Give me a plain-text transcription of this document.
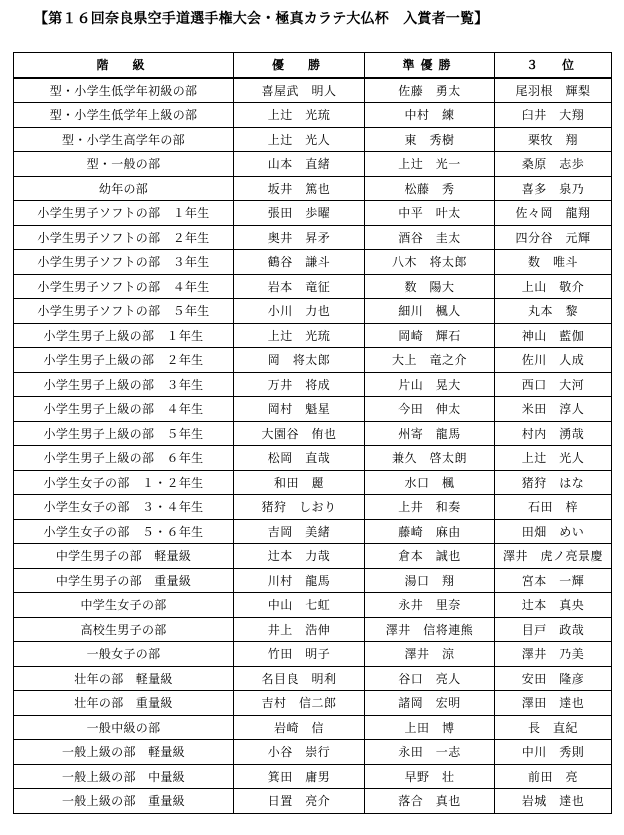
【第１６回奈良県空手道選手権大会・極真カラテ大仏杯　入賞者一覧】
階　級	優　勝	準優勝	３　位
型・小学生低学年初級の部	喜屋武　明人	佐藤　勇太	尾羽根　輝梨
型・小学生低学年上級の部	上辻　光琉	中村　練	臼井　大翔
型・小学生高学年の部	上辻　光人	東　秀樹	栗牧　翔
型・一般の部	山本　直緒	上辻　光一	桑原　志歩
幼年の部	坂井　篤也	松藤　秀	喜多　泉乃
小学生男子ソフトの部　１年生	張田　歩曜	中平　叶太	佐々岡　龍翔
小学生男子ソフトの部　２年生	奥井　昇矛	酒谷　圭太	四分谷　元輝
小学生男子ソフトの部　３年生	鶴谷　謙斗	八木　将太郎	数　唯斗
小学生男子ソフトの部　４年生	岩本　竜征	数　陽大	上山　敬介
小学生男子ソフトの部　５年生	小川　力也	細川　楓人	丸本　黎
小学生男子上級の部　１年生	上辻　光琉	岡崎　輝石	神山　藍伽
小学生男子上級の部　２年生	岡　将太郎	大上　竜之介	佐川　人成
小学生男子上級の部　３年生	万井　将成	片山　晃大	西口　大河
小学生男子上級の部　４年生	岡村　魁星	今田　伸太	米田　淳人
小学生男子上級の部　５年生	大園谷　侑也	州寄　龍馬	村内　湧哉
小学生男子上級の部　６年生	松岡　直哉	兼久　啓太朗	上辻　光人
小学生女子の部　１・２年生	和田　麗	水口　楓	猪狩　はな
小学生女子の部　３・４年生	猪狩　しおり	上井　和奏	石田　梓
小学生女子の部　５・６年生	吉岡　美緒	藤崎　麻由	田畑　めい
中学生男子の部　軽量級	辻本　力哉	倉本　誠也	澤井　虎ノ亮景慶
中学生男子の部　重量級	川村　龍馬	湯口　翔	宮本　一輝
中学生女子の部	中山　七虹	永井　里奈	辻本　真央
高校生男子の部	井上　浩伸	澤井　信将連熊	目戸　政哉
一般女子の部	竹田　明子	澤井　涼	澤井　乃美
壮年の部　軽量級	名目良　明利	谷口　亮人	安田　隆彦
壮年の部　重量級	吉村　信二郎	諸岡　宏明	澤田　達也
一般中級の部	岩崎　信	上田　博	長　直紀
一般上級の部　軽量級	小谷　崇行	永田　一志	中川　秀則
一般上級の部　中量級	箕田　庸男	早野　壮	前田　亮
一般上級の部　重量級	日置　亮介	落合　真也	岩城　達也
